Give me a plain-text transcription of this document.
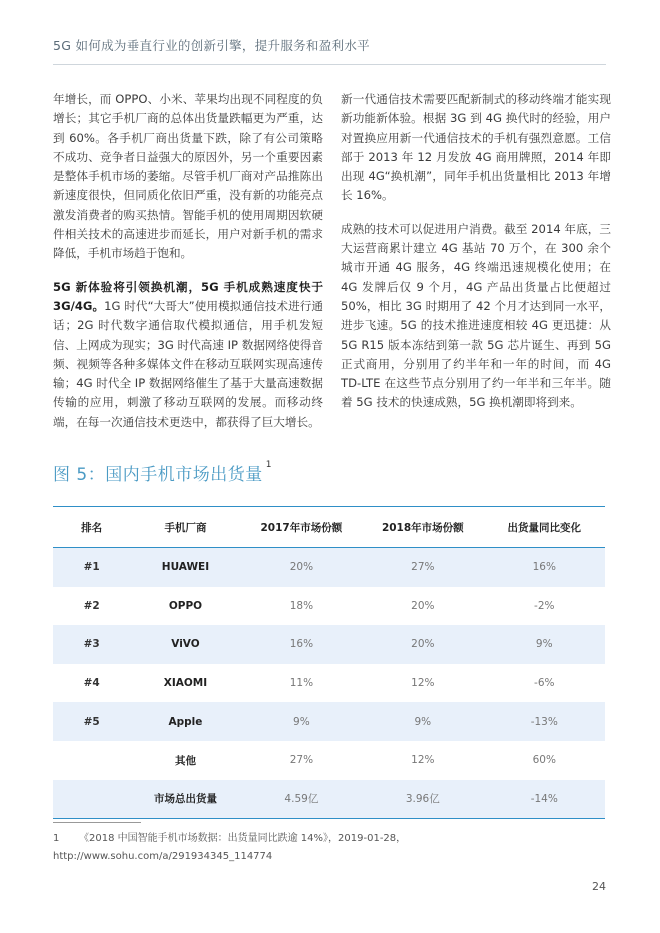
5G 如何成为垂直行业的创新引擎，提升服务和盈利水平

年增长，而 OPPO、小米、苹果均出现不同程度的负增长；其它手机厂商的总体出货量跌幅更为严重，达到 60%。各手机厂商出货量下跌，除了有公司策略不成功、竞争者日益强大的原因外，另一个重要因素是整体手机市场的萎缩。尽管手机厂商对产品推陈出新速度很快，但同质化依旧严重，没有新的功能亮点激发消费者的购买热情。智能手机的使用周期因软硬件相关技术的高速进步而延长，用户对新手机的需求降低，手机市场趋于饱和。

5G 新体验将引领换机潮，5G 手机成熟速度快于 3G/4G。1G 时代“大哥大”使用模拟通信技术进行通话；2G 时代数字通信取代模拟通信，用手机发短信、上网成为现实；3G 时代高速 IP 数据网络使得音频、视频等各种多媒体文件在移动互联网实现高速传输；4G 时代全 IP 数据网络催生了基于大量高速数据传输的应用，刺激了移动互联网的发展。而移动终端，在每一次通信技术更迭中，都获得了巨大增长。

新一代通信技术需要匹配新制式的移动终端才能实现新功能新体验。根据 3G 到 4G 换代时的经验，用户对置换应用新一代通信技术的手机有强烈意愿。工信部于 2013 年 12 月发放 4G 商用牌照，2014 年即出现 4G“换机潮”，同年手机出货量相比 2013 年增长 16%。

成熟的技术可以促进用户消费。截至 2014 年底，三大运营商累计建立 4G 基站 70 万个，在 300 余个城市开通 4G 服务，4G 终端迅速规模化使用；在 4G 发牌后仅 9 个月，4G 产品出货量占比便超过 50%，相比 3G 时期用了 42 个月才达到同一水平，进步飞速。5G 的技术推进速度相较 4G 更迅捷：从 5G R15 版本冻结到第一款 5G 芯片诞生、再到 5G 正式商用，分别用了约半年和一年的时间，而 4G TD-LTE 在这些节点分别用了约一年半和三年半。随着 5G 技术的快速成熟，5G 换机潮即将到来。

图 5：国内手机市场出货量 $^1$
排名	手机厂商	2017年市场份额	2018年市场份额	出货量同比变化
#1	HUAWEI	20%	27%	16%
#2	OPPO	18%	20%	-2%
#3	ViVO	16%	20%	9%
#4	XIAOMI	11%	12%	-6%
#5	Apple	9%	9%	-13%
	其他	27%	12%	60%
	市场总出货量	4.59亿	3.96亿	-14%
1 《2018 中国智能手机市场数据：出货量同比跌逾 14%》，2019-01-28，
http://www.sohu.com/a/291934345_114774
24
